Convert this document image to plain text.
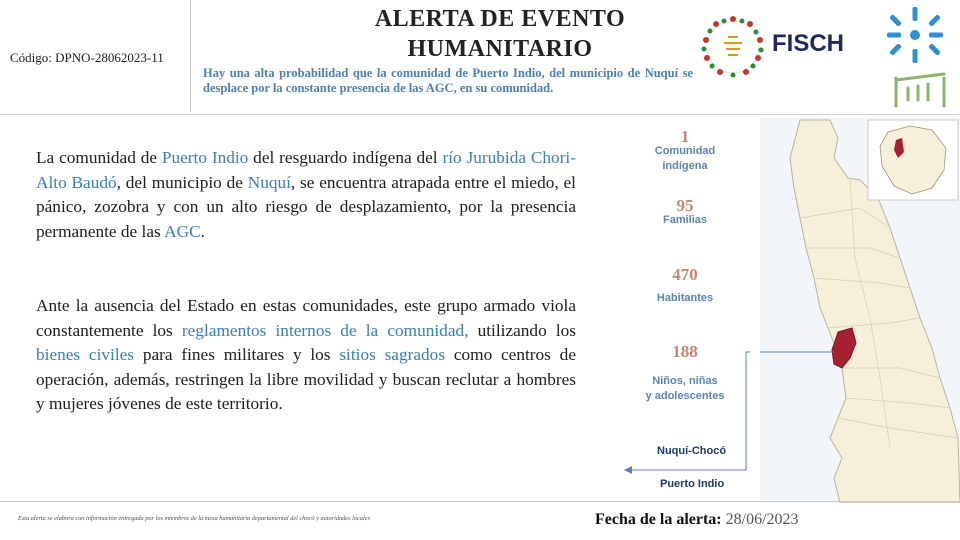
Código: DPNO-28062023-11
ALERTA DE EVENTO
HUMANITARIO
Hay una alta probabilidad que la comunidad de Puerto Indio, del municipio de Nuquí se desplace por la constante presencia de las AGC, en su comunidad.
FISCH
La comunidad de Puerto Indio del resguardo indígena del río Jurubida Chori-Alto Baudó, del municipio de Nuquí, se encuentra atrapada entre el miedo, el pánico, zozobra y con un alto riesgo de desplazamiento, por la presencia permanente de las AGC.
Ante la ausencia del Estado en estas comunidades, este grupo armado viola constantemente los reglamentos internos de la comunidad, utilizando los bienes civiles para fines militares y los sitios sagrados como centros de operación, además, restringen la libre movilidad y buscan reclutar a hombres y mujeres jóvenes de este territorio.
1
Comunidad
indígena
95
Familias
470
Habitantes
188
Niños, niñas
y adolescentes
Nuquí-Chocó
Puerto Indio
Esta alerta se elabora con información entregada por los miembros de la mesa humanitaria departamental del chocó y autoridades locales	Fecha de la alerta: 28/06/2023
